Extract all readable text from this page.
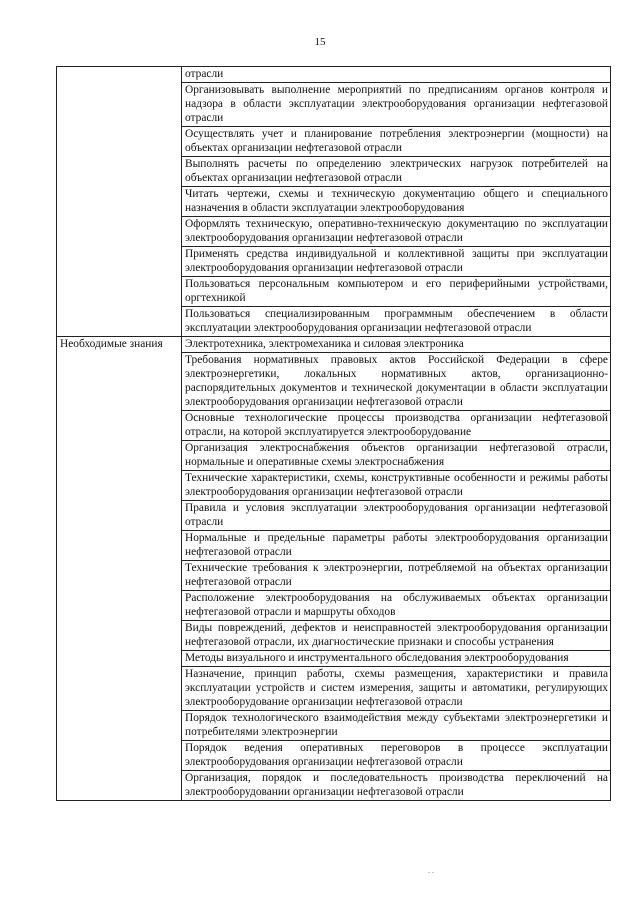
15
	отрасли
	Организовывать выполнение мероприятий по предписаниям органов контроля и надзора в области эксплуатации электрооборудования организации нефтегазовой отрасли
	Осуществлять учет и планирование потребления электроэнергии (мощности) на объектах организации нефтегазовой отрасли
	Выполнять расчеты по определению электрических нагрузок потребителей на объектах организации нефтегазовой отрасли
	Читать чертежи, схемы и техническую документацию общего и специального назначения в области эксплуатации электрооборудования
	Оформлять техническую, оперативно-техническую документацию по эксплуатации электрооборудования организации нефтегазовой отрасли
	Применять средства индивидуальной и коллективной защиты при эксплуатации электрооборудования организации нефтегазовой отрасли
	Пользоваться персональным компьютером и его периферийными устройствами, оргтехникой
	Пользоваться специализированным программным обеспечением в области эксплуатации электрооборудования организации нефтегазовой отрасли
Необходимые знания	Электротехника, электромеханика и силовая электроника
	Требования нормативных правовых актов Российской Федерации в сфере электроэнергетики, локальных нормативных актов, организационно-распорядительных документов и технической документации в области эксплуатации электрооборудования организации нефтегазовой отрасли
	Основные технологические процессы производства организации нефтегазовой отрасли, на которой эксплуатируется электрооборудование
	Организация электроснабжения объектов организации нефтегазовой отрасли, нормальные и оперативные схемы электроснабжения
	Технические характеристики, схемы, конструктивные особенности и режимы работы электрооборудования организации нефтегазовой отрасли
	Правила и условия эксплуатации электрооборудования организации нефтегазовой отрасли
	Нормальные и предельные параметры работы электрооборудования организации нефтегазовой отрасли
	Технические требования к электроэнергии, потребляемой на объектах организации нефтегазовой отрасли
	Расположение электрооборудования на обслуживаемых объектах организации нефтегазовой отрасли и маршруты обходов
	Виды повреждений, дефектов и неисправностей электрооборудования организации нефтегазовой отрасли, их диагностические признаки и способы устранения
	Методы визуального и инструментального обследования электрооборудования
	Назначение, принцип работы, схемы размещения, характеристики и правила эксплуатации устройств и систем измерения, защиты и автоматики, регулирующих электрооборудование организации нефтегазовой отрасли
	Порядок технологического взаимодействия между субъектами электроэнергетики и потребителями электроэнергии
	Порядок ведения оперативных переговоров в процессе эксплуатации электрооборудования организации нефтегазовой отрасли
	Организация, порядок и последовательность производства переключений на электрооборудовании организации нефтегазовой отрасли
. .
